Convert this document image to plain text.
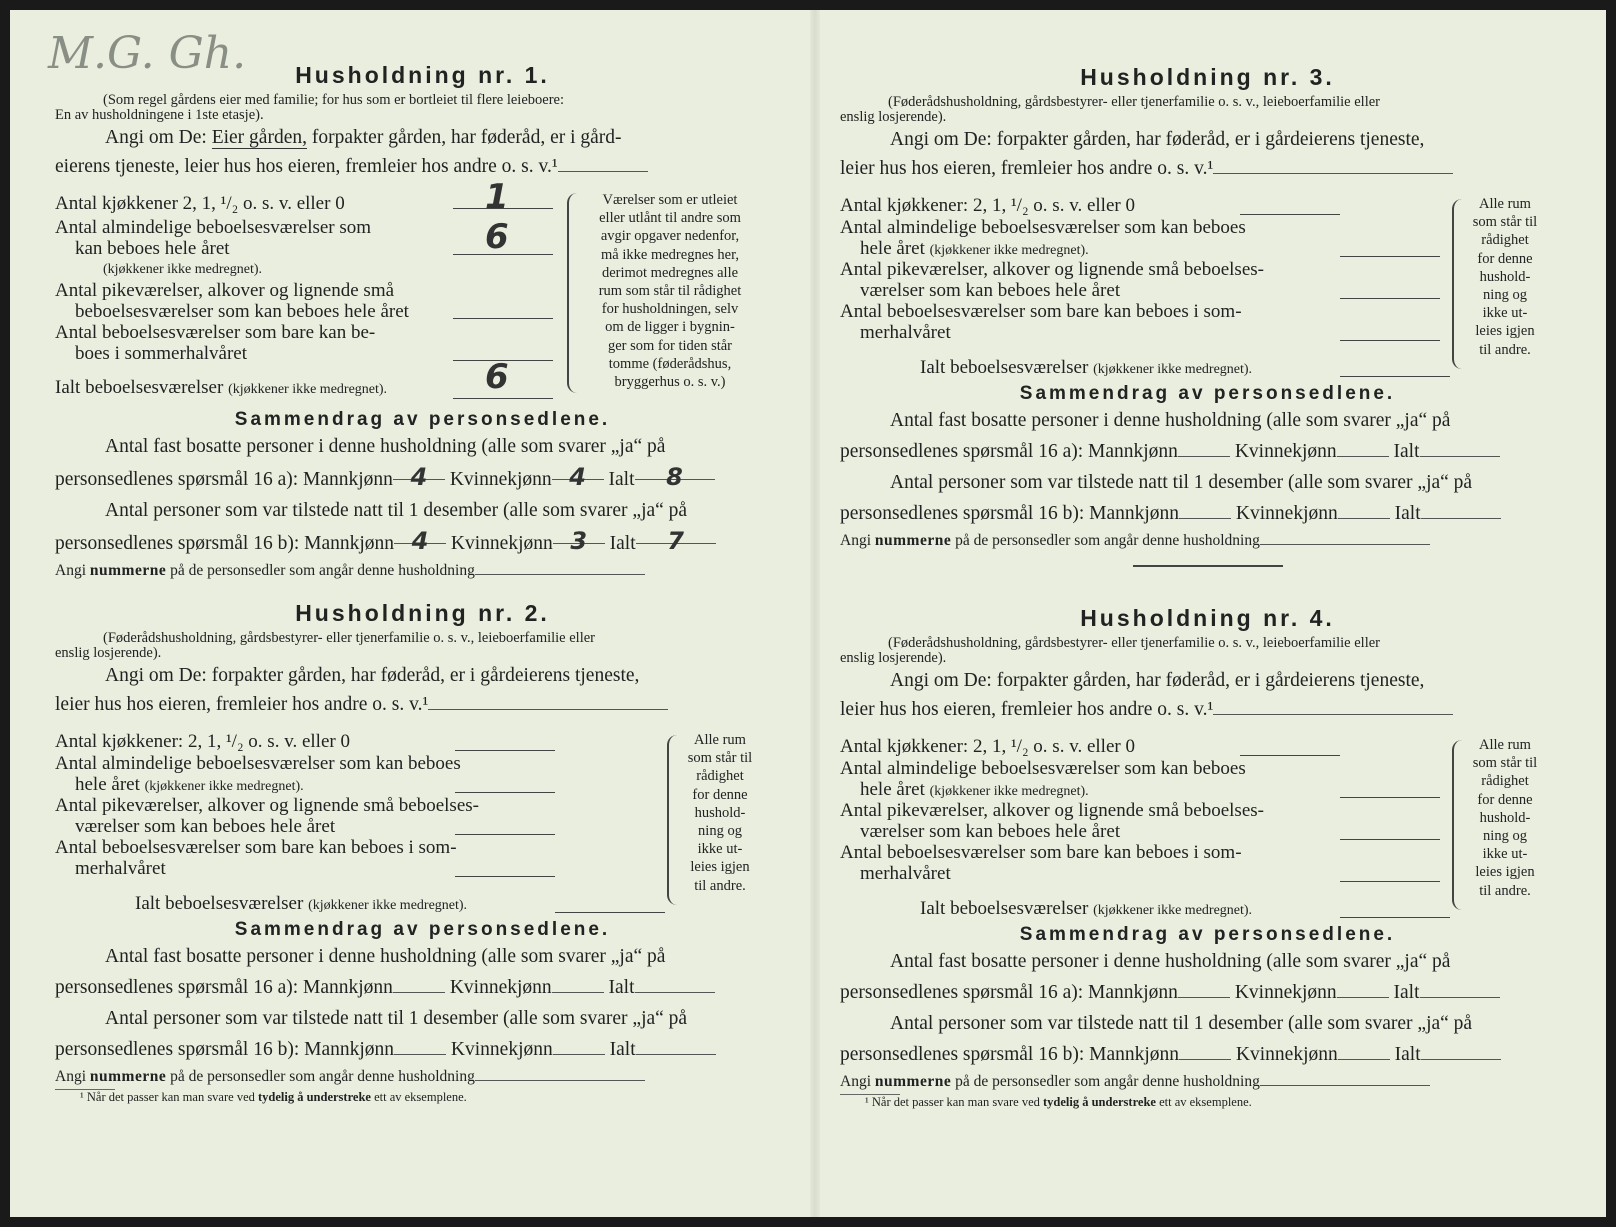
M.G. Gh.	Husholdning nr. 1.
(Som regel gårdens eier med familie; for hus som er bortleiet til flere leieboere:
En av husholdningene i 1ste etasje).
Angi om De: Eier gården, forpakter gården, har føderåd, er i gård-
eierens tjeneste, leier hus hos eieren, fremleier hos andre o. s. v.¹
Antal kjøkkener 2, 1, ¹/₂ o. s. v. eller 0	1
Antal almindelige beboelsesværelser som
kan beboes hele året
(kjøkkener ikke medregnet).
6
Antal pikeværelser, alkover og lignende små
beboelsesværelser som kan beboes hele året
Antal beboelsesværelser som bare kan be-
boes i sommerhalvåret
Ialt beboelsesværelser (kjøkkener ikke medregnet).	6
Værelser som er utleiet
eller utlånt til andre som
avgir opgaver nedenfor,
må ikke medregnes her,
derimot medregnes alle
rum som står til rådighet
for husholdningen, selv
om de ligger i bygnin-
ger som for tiden står
tomme (føderådshus,
bryggerhus o. s. v.)
Sammendrag av personsedlene.
Antal fast bosatte personer i denne husholdning (alle som svarer „ja“ på
personsedlenes spørsmål 16 a): Mannkjønn 4 Kvinnekjønn 4 Ialt 8
Antal personer som var tilstede natt til 1 desember (alle som svarer „ja“ på
personsedlenes spørsmål 16 b): Mannkjønn 4 Kvinnekjønn 3 Ialt 7
Angi nummerne på de personsedler som angår denne husholdning
Husholdning nr. 2.
(Føderådshusholdning, gårdsbestyrer- eller tjenerfamilie o. s. v., leieboerfamilie eller
enslig losjerende).
Angi om De: forpakter gården, har føderåd, er i gårdeierens tjeneste,
leier hus hos eieren, fremleier hos andre o. s. v.¹
Antal kjøkkener: 2, 1, ¹/₂ o. s. v. eller 0
Antal almindelige beboelsesværelser som kan beboes
hele året (kjøkkener ikke medregnet).
Antal pikeværelser, alkover og lignende små beboelses-
værelser som kan beboes hele året
Antal beboelsesværelser som bare kan beboes i som-
merhalvåret
Ialt beboelsesværelser (kjøkkener ikke medregnet).
Alle rum
som står til
rådighet
for denne
hushold-
ning og
ikke ut-
leies igjen
til andre.
Sammendrag av personsedlene.
Antal fast bosatte personer i denne husholdning (alle som svarer „ja“ på
personsedlenes spørsmål 16 a): Mannkjønn	Kvinnekjønn	Ialt
Antal personer som var tilstede natt til 1 desember (alle som svarer „ja“ på
personsedlenes spørsmål 16 b): Mannkjønn	Kvinnekjønn	Ialt
Angi nummerne på de personsedler som angår denne husholdning
¹ Når det passer kan man svare ved tydelig å understreke ett av eksemplene.
Husholdning nr. 3.
(Føderådshusholdning, gårdsbestyrer- eller tjenerfamilie o. s. v., leieboerfamilie eller
enslig losjerende).
Angi om De: forpakter gården, har føderåd, er i gårdeierens tjeneste,
leier hus hos eieren, fremleier hos andre o. s. v.¹
Antal kjøkkener: 2, 1, ¹/₂ o. s. v. eller 0
Antal almindelige beboelsesværelser som kan beboes
hele året (kjøkkener ikke medregnet).
Antal pikeværelser, alkover og lignende små beboelses-
værelser som kan beboes hele året
Antal beboelsesværelser som bare kan beboes i som-
merhalvåret
Ialt beboelsesværelser (kjøkkener ikke medregnet).
Alle rum
som står til
rådighet
for denne
hushold-
ning og
ikke ut-
leies igjen
til andre.
Sammendrag av personsedlene.
Antal fast bosatte personer i denne husholdning (alle som svarer „ja“ på
personsedlenes spørsmål 16 a): Mannkjønn	Kvinnekjønn	Ialt
Antal personer som var tilstede natt til 1 desember (alle som svarer „ja“ på
personsedlenes spørsmål 16 b): Mannkjønn	Kvinnekjønn	Ialt
Angi nummerne på de personsedler som angår denne husholdning
Husholdning nr. 4.
(Føderådshusholdning, gårdsbestyrer- eller tjenerfamilie o. s. v., leieboerfamilie eller
enslig losjerende).
Angi om De: forpakter gården, har føderåd, er i gårdeierens tjeneste,
leier hus hos eieren, fremleier hos andre o. s. v.¹
Antal kjøkkener: 2, 1, ¹/₂ o. s. v. eller 0
Antal almindelige beboelsesværelser som kan beboes
hele året (kjøkkener ikke medregnet).
Antal pikeværelser, alkover og lignende små beboelses-
værelser som kan beboes hele året
Antal beboelsesværelser som bare kan beboes i som-
merhalvåret
Ialt beboelsesværelser (kjøkkener ikke medregnet).
Alle rum
som står til
rådighet
for denne
hushold-
ning og
ikke ut-
leies igjen
til andre.
Sammendrag av personsedlene.
Antal fast bosatte personer i denne husholdning (alle som svarer „ja“ på
personsedlenes spørsmål 16 a): Mannkjønn	Kvinnekjønn	Ialt
Antal personer som var tilstede natt til 1 desember (alle som svarer „ja“ på
personsedlenes spørsmål 16 b): Mannkjønn	Kvinnekjønn	Ialt
Angi nummerne på de personsedler som angår denne husholdning
¹ Når det passer kan man svare ved tydelig å understreke ett av eksemplene.
